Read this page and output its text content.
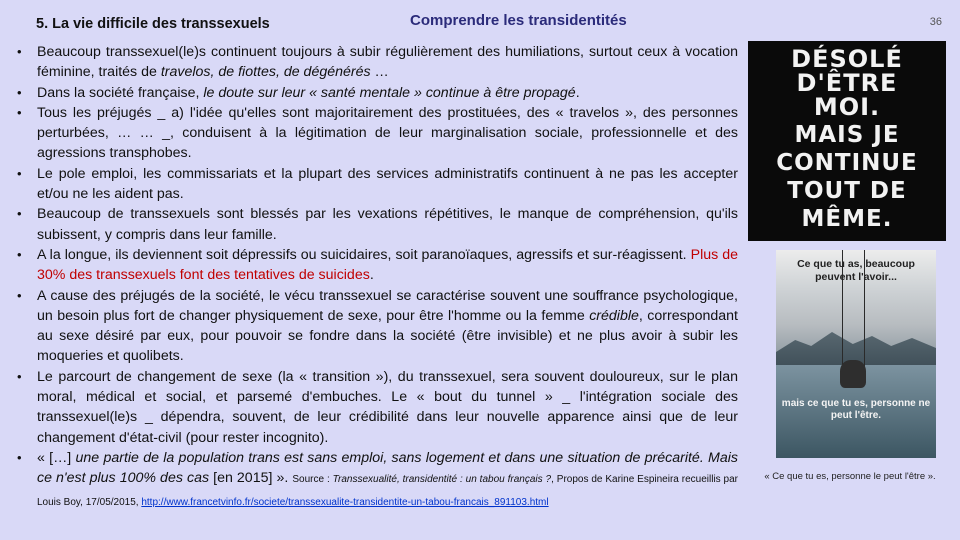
5. La vie difficile des transsexuels	Comprendre les transidentités	36
• Beaucoup transsexuel(le)s continuent toujours à subir régulièrement des humiliations, surtout ceux à vocation féminine, traités de travelos, de fiottes, de dégénérés …
• Dans la société française, le doute sur leur « santé mentale » continue à être propagé.
• Tous les préjugés _ a) l'idée qu'elles sont majoritairement des prostituées, des « travelos », des personnes perturbées, … … _, conduisent à la légitimation de leur marginalisation sociale, professionnelle et des agressions transphobes.
• Le pole emploi, les commissariats et la plupart des services administratifs continuent à ne pas les accepter et/ou ne les aident pas.
• Beaucoup de transsexuels sont blessés par les vexations répétitives, le manque de compréhension, qu'ils subissent, y compris dans leur famille.
• A la longue, ils deviennent soit dépressifs ou suicidaires, soit paranoïaques, agressifs et sur-réagissent. Plus de 30% des transsexuels font des tentatives de suicides.
• A cause des préjugés de la société, le vécu transsexuel se caractérise souvent une souffrance psychologique, un besoin plus fort de changer physiquement de sexe, pour être l'homme ou la femme crédible, correspondant au sexe désiré par eux, pour pouvoir se fondre dans la société (être invisible) et ne plus avoir à subir les moqueries et quolibets.
• Le parcourt de changement de sexe (la « transition »), du transsexuel, sera souvent douloureux, sur le plan moral, médical et social, et parsemé d'embuches. Le « bout du tunnel » _ l'intégration sociale des transsexuel(le)s _ dépendra, souvent, de leur crédibilité dans leur nouvelle apparence ainsi que de leur changement d'état-civil (pour rester incognito).
• « […] une partie de la population trans est sans emploi, sans logement et dans une situation de précarité. Mais ce n'est plus 100% des cas [en 2015] ». Source : Transsexualité, transidentité : un tabou français ?, Propos de Karine Espineira recueillis par Louis Boy, 17/05/2015, http://www.francetvinfo.fr/societe/transsexualite-transidentite-un-tabou-francais_891103.html
DÉSOLÉ
D'ÊTRE
MOI.
MAIS JE
CONTINUE
TOUT DE
MÊME.
Ce que tu as, beaucoup peuvent l'avoir...
mais ce que tu es, personne ne peut l'être.
« Ce que tu es, personne le peut l'être ».
